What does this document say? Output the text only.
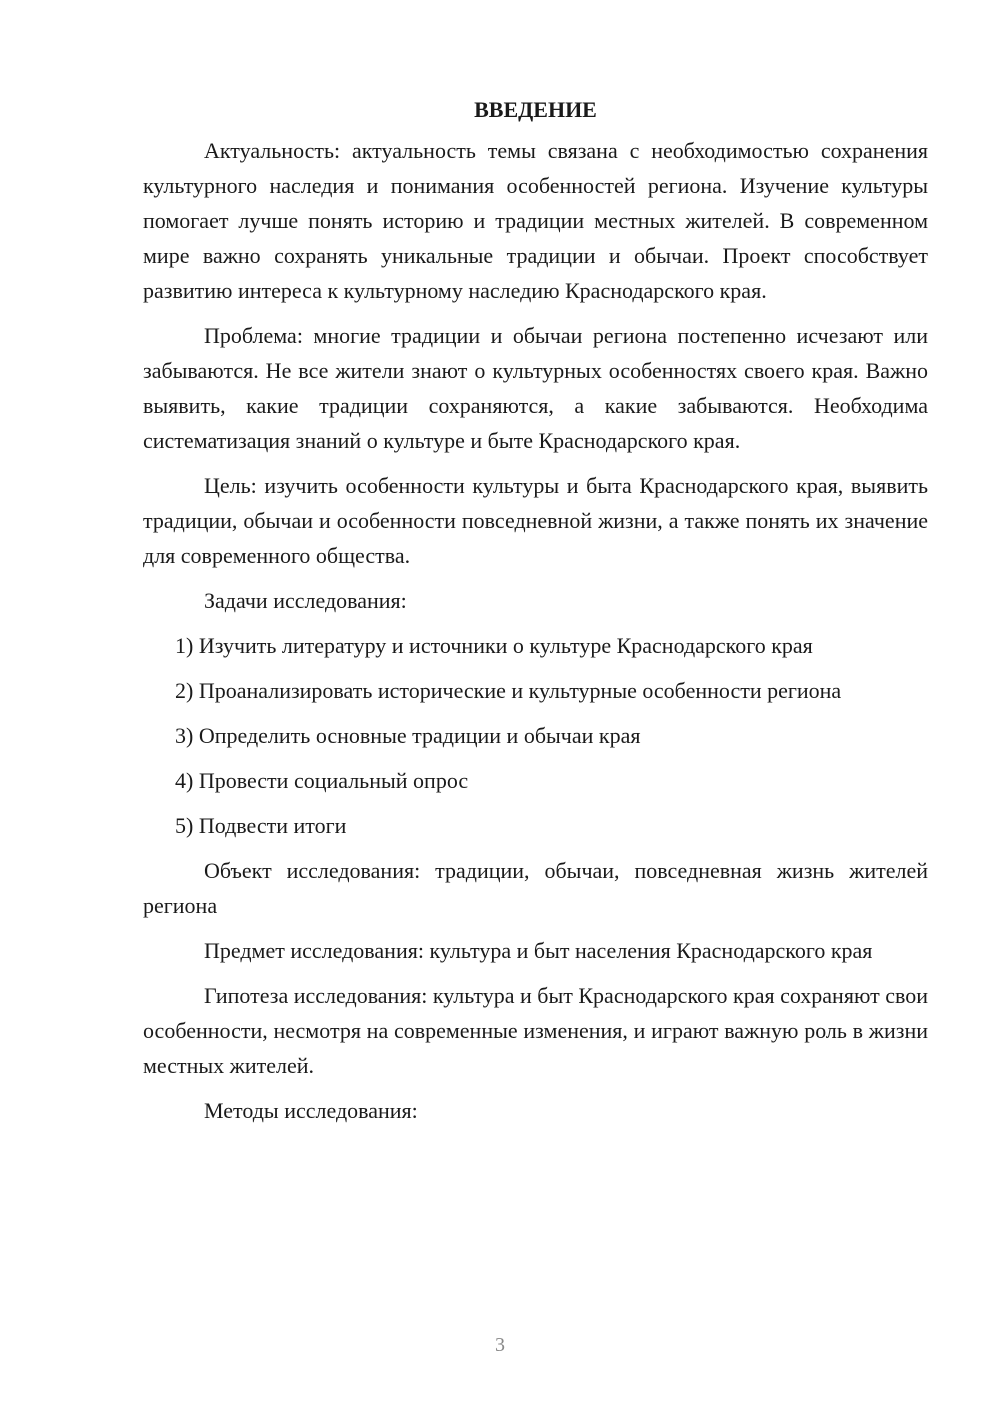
ВВЕДЕНИЕ

Актуальность: актуальность темы связана с необходимостью сохранения культурного наследия и понимания особенностей региона. Изучение культуры помогает лучше понять историю и традиции местных жителей. В современном мире важно сохранять уникальные традиции и обычаи. Проект способствует развитию интереса к культурному наследию Краснодарского края.

Проблема: многие традиции и обычаи региона постепенно исчезают или забываются. Не все жители знают о культурных особенностях своего края. Важно выявить, какие традиции сохраняются, а какие забываются. Необходима систематизация знаний о культуре и быте Краснодарского края.

Цель: изучить особенности культуры и быта Краснодарского края, выявить традиции, обычаи и особенности повседневной жизни, а также понять их значение для современного общества.

Задачи исследования:

1) Изучить литературу и источники о культуре Краснодарского края

2) Проанализировать исторические и культурные особенности региона

3) Определить основные традиции и обычаи края

4) Провести социальный опрос

5) Подвести итоги

Объект исследования: традиции, обычаи, повседневная жизнь жителей региона

Предмет исследования: культура и быт населения Краснодарского края

Гипотеза исследования: культура и быт Краснодарского края сохраняют свои особенности, несмотря на современные изменения, и играют важную роль в жизни местных жителей.

Методы исследования:

3
